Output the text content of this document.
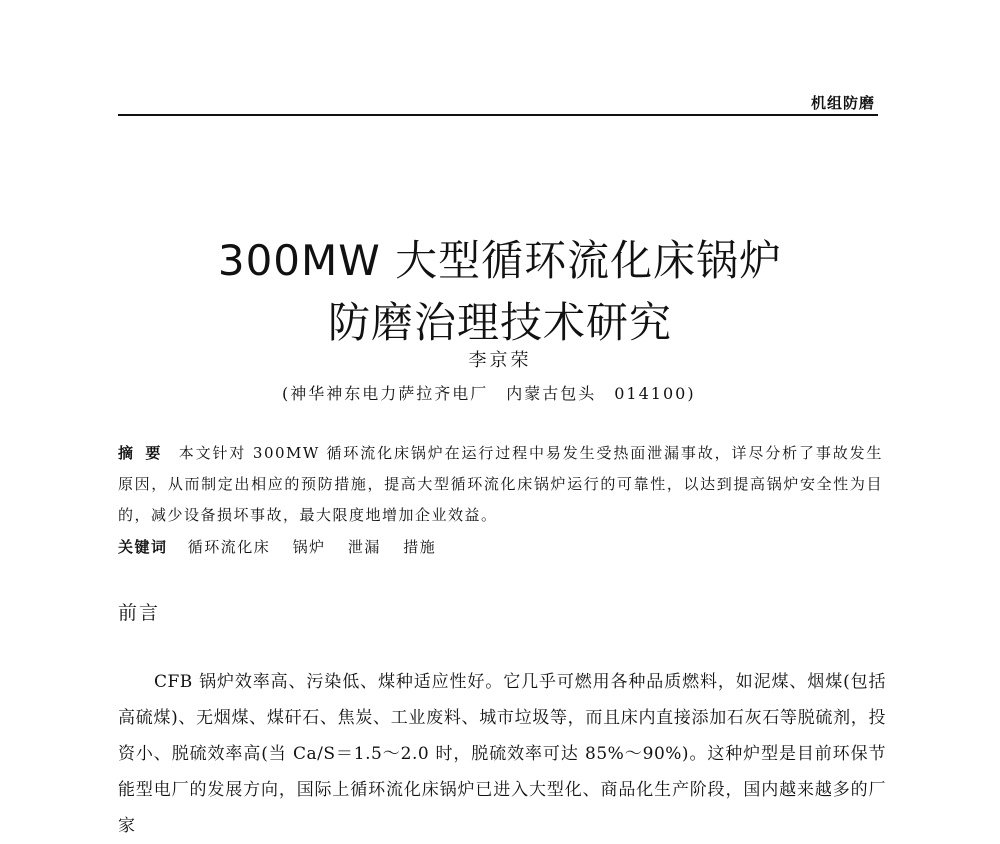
机组防磨
300MW 大型循环流化床锅炉
防磨治理技术研究
李京荣
(神华神东电力萨拉齐电厂　内蒙古包头　014100)
摘要 本文针对 300MW 循环流化床锅炉在运行过程中易发生受热面泄漏事故，详尽分析了事故发生原因，从而制定出相应的预防措施，提高大型循环流化床锅炉运行的可靠性，以达到提高锅炉安全性为目的，减少设备损坏事故，最大限度地增加企业效益。
关键词 循环流化床 锅炉 泄漏 措施
前言

CFB 锅炉效率高、污染低、煤种适应性好。它几乎可燃用各种品质燃料，如泥煤、烟煤(包括高硫煤)、无烟煤、煤矸石、焦炭、工业废料、城市垃圾等，而且床内直接添加石灰石等脱硫剂，投资小、脱硫效率高(当 Ca/S＝1.5～2.0 时，脱硫效率可达 85%～90%)。这种炉型是目前环保节能型电厂的发展方向，国际上循环流化床锅炉已进入大型化、商品化生产阶段，国内越来越多的厂家
